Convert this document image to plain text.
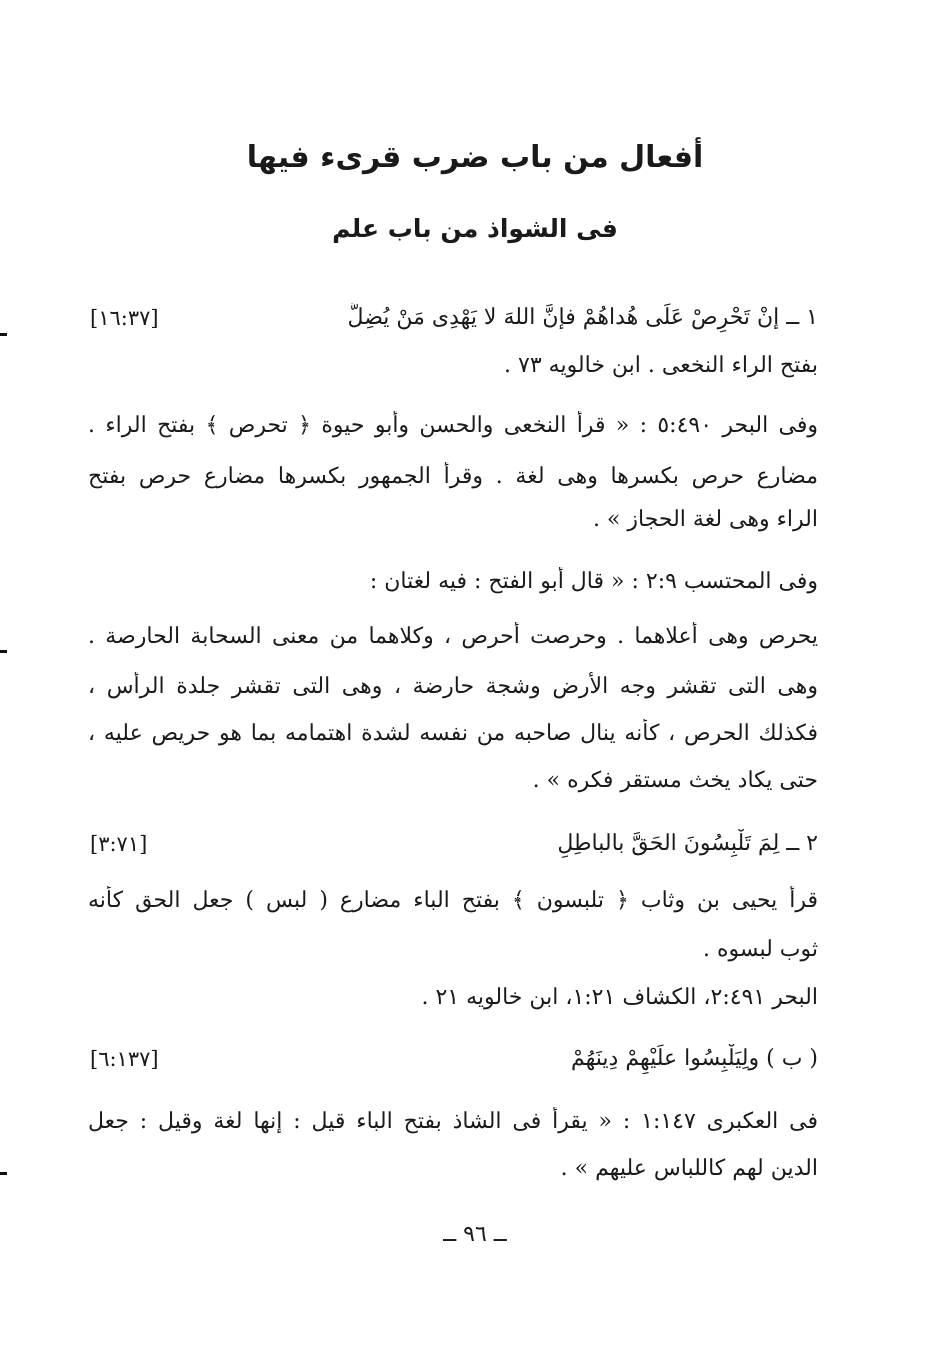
أفعال من باب ضرب قرىء فيها
فى الشواذ من باب علم
١ ــ إنْ تَحْرِصْ عَلَى هُداهُمْ فإنَّ اللهَ لا يَهْدِى مَنْ يُضِلُّ
[١٦:٣٧]
بفتح الراء النخعى . ابن خالويه ٧٣ .
وفى البحر ٥:٤٩٠ : « قرأ النخعى والحسن وأبو حيوة ﴿ تحرص ﴾ بفتح الراء .
مضارع حرص بكسرها وهى لغة . وقرأ الجمهور بكسرها مضارع حرص بفتح
الراء وهى لغة الحجاز » .
وفى المحتسب ٢:٩ : « قال أبو الفتح : فيه لغتان :
يحرص وهى أعلاهما . وحرصت أحرص ، وكلاهما من معنى السحابة الحارصة .
وهى التى تقشر وجه الأرض وشجة حارضة ، وهى التى تقشر جلدة الرأس ،
فكذلك الحرص ، كأنه ينال صاحبه من نفسه لشدة اهتمامه بما هو حريص عليه ،
حتى يكاد يخث مستقر فكره » .
٢ ــ لِمَ تَلْبِسُونَ الحَقَّ بالباطِلِ
[٣:٧١]
قرأ يحيى بن وثاب ﴿ تلبسون ﴾ بفتح الباء مضارع ( لبس ) جعل الحق كأنه
ثوب لبسوه .
البحر ٢:٤٩١، الكشاف ١:٢١، ابن خالويه ٢١ .
( ب ) ولِيَلْبِسُوا علَيْهِمْ دِينَهُمْ
[٦:١٣٧]
فى العكبرى ١:١٤٧ : « يقرأ فى الشاذ بفتح الباء قيل : إنها لغة وقيل : جعل
الدين لهم كاللباس عليهم » .
ــ ٩٦ ــ
